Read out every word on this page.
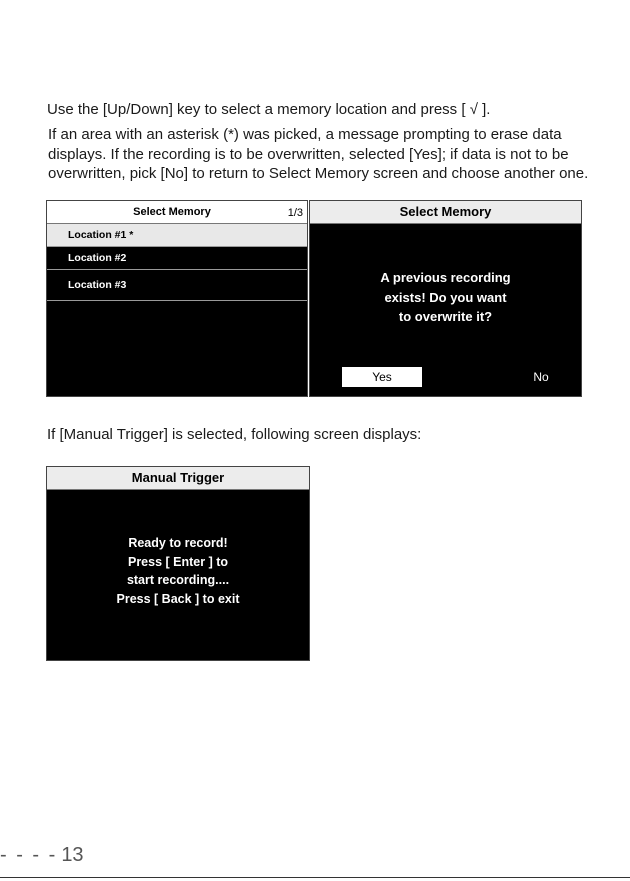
Use the [Up/Down] key to select a memory location and press [ √ ].

If an area with an asterisk (*) was picked, a message prompting to erase data
displays. If the recording is to be overwritten, selected [Yes]; if data is not to be
overwritten, pick [No] to return to Select Memory screen and choose another one.

Select Memory	1/3
Location #1 *
Location #2
Location #3
Select Memory
A previous recording
exists! Do you want
to overwrite it?
Yes	No

If [Manual Trigger] is selected, following screen displays:

Manual Trigger
Ready to record!
Press [ Enter ] to
start recording....
Press [ Back ] to exit
- - - - 13
